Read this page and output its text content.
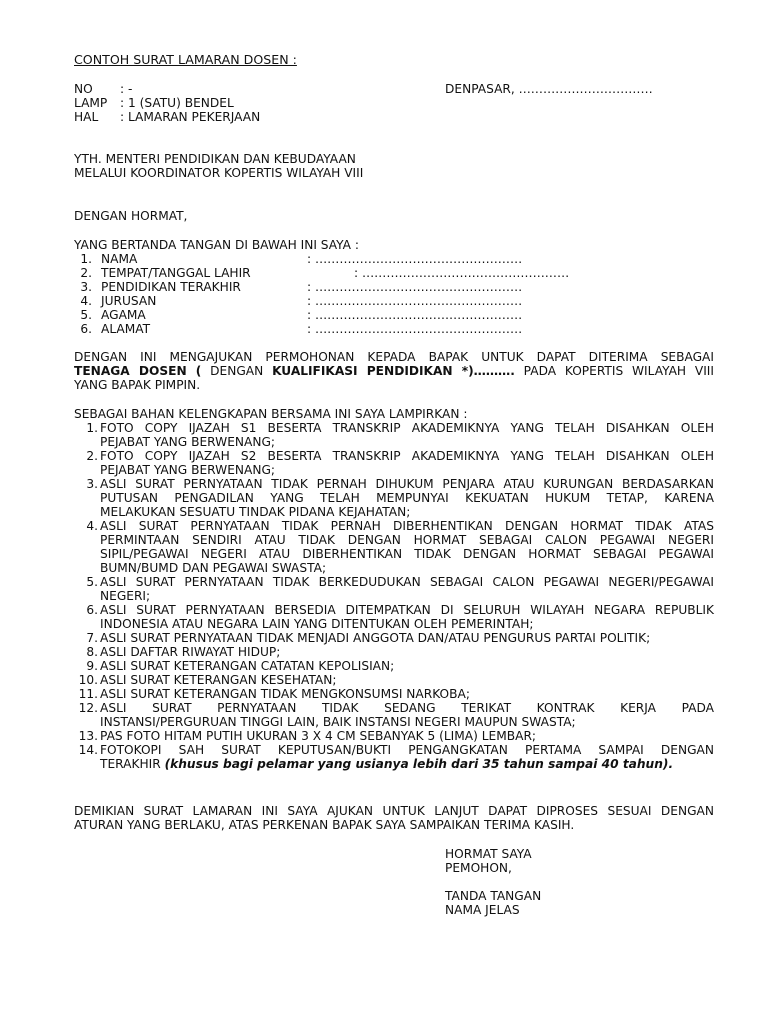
CONTOH SURAT LAMARAN DOSEN :
NO : -
LAMP : 1 (SATU) BENDEL
HAL : LAMARAN PEKERJAAN
DENPASAR, ……………………………
YTH. MENTERI PENDIDIKAN DAN KEBUDAYAAN
MELALUI KOORDINATOR KOPERTIS WILAYAH VIII
DENGAN HORMAT,
YANG BERTANDA TANGAN DI BAWAH INI SAYA :
1. NAMA	: ……………………………………………
2. TEMPAT/TANGGAL LAHIR	: ……………………………………………
3. PENDIDIKAN TERAKHIR	: ……………………………………………
4. JURUSAN	: ……………………………………………
5. AGAMA	: ……………………………………………
6. ALAMAT	: ……………………………………………
DENGAN INI MENGAJUKAN PERMOHONAN KEPADA BAPAK UNTUK DAPAT DITERIMA SEBAGAI
TENAGA DOSEN ( DENGAN KUALIFIKASI PENDIDIKAN *)………. PADA KOPERTIS WILAYAH VIII
YANG BAPAK PIMPIN.
SEBAGAI BAHAN KELENGKAPAN BERSAMA INI SAYA LAMPIRKAN :
1. FOTO COPY IJAZAH S1 BESERTA TRANSKRIP AKADEMIKNYA YANG TELAH DISAHKAN OLEH
PEJABAT YANG BERWENANG;
2. FOTO COPY IJAZAH S2 BESERTA TRANSKRIP AKADEMIKNYA YANG TELAH DISAHKAN OLEH
PEJABAT YANG BERWENANG;
3. ASLI SURAT PERNYATAAN TIDAK PERNAH DIHUKUM PENJARA ATAU KURUNGAN BERDASARKAN
PUTUSAN PENGADILAN YANG TELAH MEMPUNYAI KEKUATAN HUKUM TETAP, KARENA
MELAKUKAN SESUATU TINDAK PIDANA KEJAHATAN;
4. ASLI SURAT PERNYATAAN TIDAK PERNAH DIBERHENTIKAN DENGAN HORMAT TIDAK ATAS
PERMINTAAN SENDIRI ATAU TIDAK DENGAN HORMAT SEBAGAI CALON PEGAWAI NEGERI
SIPIL/PEGAWAI NEGERI ATAU DIBERHENTIKAN TIDAK DENGAN HORMAT SEBAGAI PEGAWAI
BUMN/BUMD DAN PEGAWAI SWASTA;
5. ASLI SURAT PERNYATAAN TIDAK BERKEDUDUKAN SEBAGAI CALON PEGAWAI NEGERI/PEGAWAI
NEGERI;
6. ASLI SURAT PERNYATAAN BERSEDIA DITEMPATKAN DI SELURUH WILAYAH NEGARA REPUBLIK
INDONESIA ATAU NEGARA LAIN YANG DITENTUKAN OLEH PEMERINTAH;
7. ASLI SURAT PERNYATAAN TIDAK MENJADI ANGGOTA DAN/ATAU PENGURUS PARTAI POLITIK;
8. ASLI DAFTAR RIWAYAT HIDUP;
9. ASLI SURAT KETERANGAN CATATAN KEPOLISIAN;
10. ASLI SURAT KETERANGAN KESEHATAN;
11. ASLI SURAT KETERANGAN TIDAK MENGKONSUMSI NARKOBA;
12. ASLI SURAT PERNYATAAN TIDAK SEDANG TERIKAT KONTRAK KERJA PADA
INSTANSI/PERGURUAN TINGGI LAIN, BAIK INSTANSI NEGERI MAUPUN SWASTA;
13. PAS FOTO HITAM PUTIH UKURAN 3 X 4 CM SEBANYAK 5 (LIMA) LEMBAR;
14. FOTOKOPI SAH SURAT KEPUTUSAN/BUKTI PENGANGKATAN PERTAMA SAMPAI DENGAN
TERAKHIR (khusus bagi pelamar yang usianya lebih dari 35 tahun sampai 40 tahun).
DEMIKIAN SURAT LAMARAN INI SAYA AJUKAN UNTUK LANJUT DAPAT DIPROSES SESUAI DENGAN
ATURAN YANG BERLAKU, ATAS PERKENAN BAPAK SAYA SAMPAIKAN TERIMA KASIH.
HORMAT SAYA
PEMOHON,
TANDA TANGAN
NAMA JELAS
